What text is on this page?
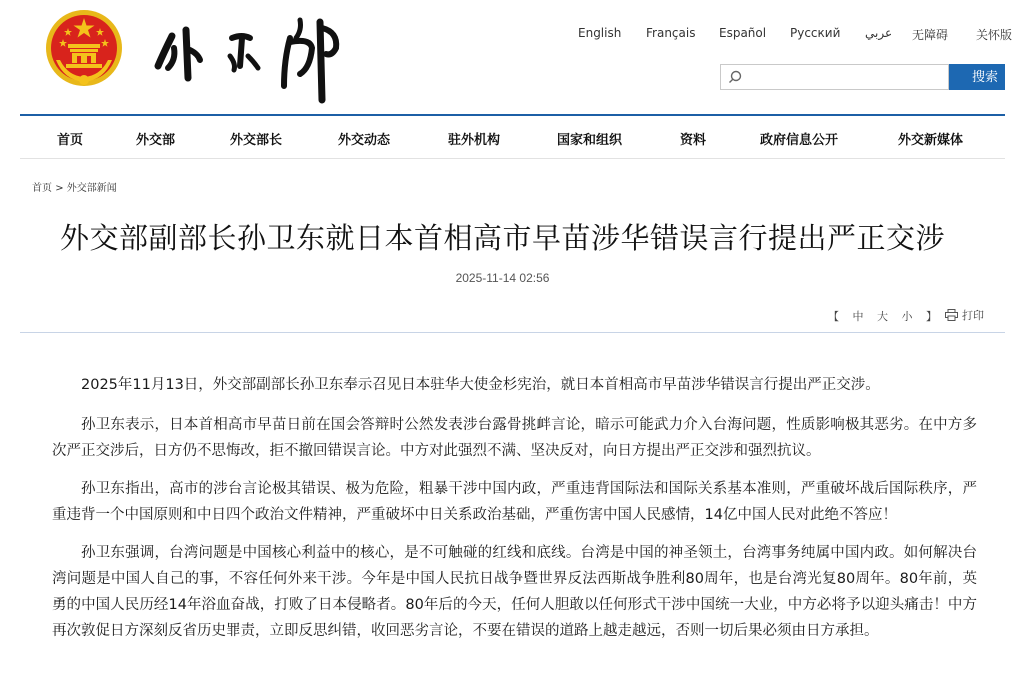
English Français Español Русский عربي 无障碍 关怀版
搜索
首页	外交部	外交部长	外交动态	驻外机构	国家和组织	资料	政府信息公开	外交新媒体
首页 > 外交部新闻
外交部副部长孙卫东就日本首相高市早苗涉华错误言行提出严正交涉
2025-11-14 02:56
【 中 大 小 】	打印

2025年11月13日，外交部副部长孙卫东奉示召见日本驻华大使金杉宪治，就日本首相高市早苗涉华错误言行提出严正交涉。

孙卫东表示，日本首相高市早苗日前在国会答辩时公然发表涉台露骨挑衅言论，暗示可能武力介入台海问题，性质影响极其恶劣。在中方多次严正交涉后，日方仍不思悔改，拒不撤回错误言论。中方对此强烈不满、坚决反对，向日方提出严正交涉和强烈抗议。

孙卫东指出，高市的涉台言论极其错误、极为危险，粗暴干涉中国内政，严重违背国际法和国际关系基本准则，严重破坏战后国际秩序，严重违背一个中国原则和中日四个政治文件精神，严重破坏中日关系政治基础，严重伤害中国人民感情，14亿中国人民对此绝不答应！

孙卫东强调，台湾问题是中国核心利益中的核心，是不可触碰的红线和底线。台湾是中国的神圣领土，台湾事务纯属中国内政。如何解决台湾问题是中国人自己的事，不容任何外来干涉。今年是中国人民抗日战争暨世界反法西斯战争胜利80周年，也是台湾光复80周年。80年前，英勇的中国人民历经14年浴血奋战，打败了日本侵略者。80年后的今天，任何人胆敢以任何形式干涉中国统一大业，中方必将予以迎头痛击！中方再次敦促日方深刻反省历史罪责，立即反思纠错，收回恶劣言论，不要在错误的道路上越走越远，否则一切后果必须由日方承担。
